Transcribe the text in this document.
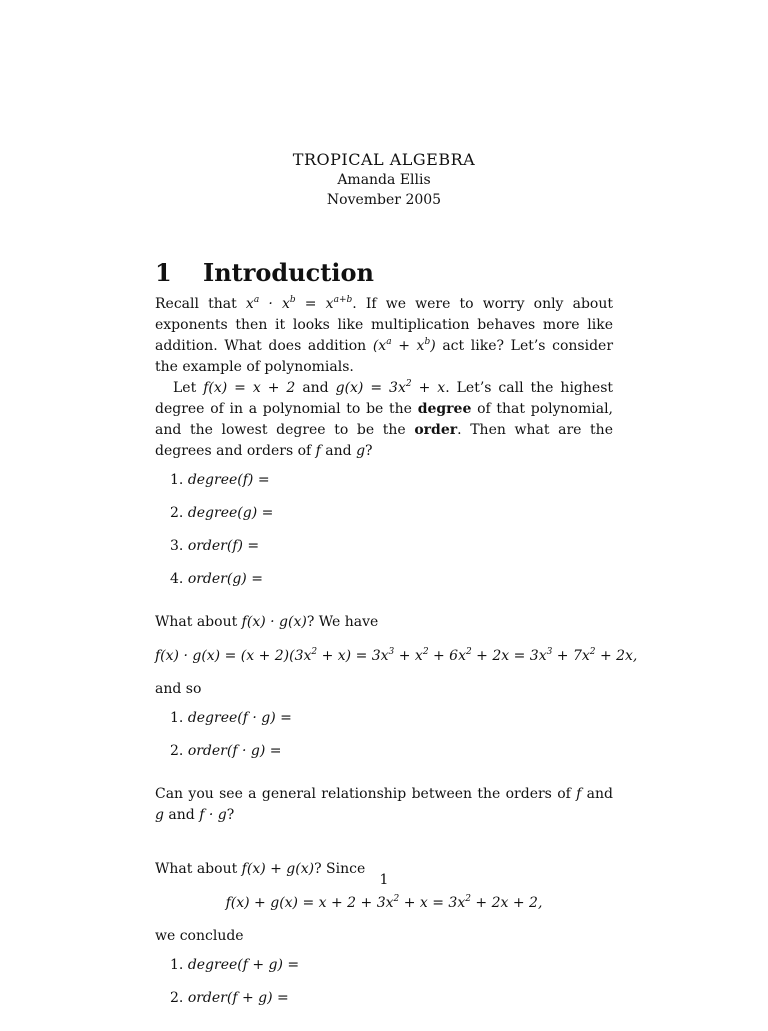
TROPICAL ALGEBRA
Amanda Ellis
November 2005
1 Introduction

Recall that $x^a \cdot x^b = x^{a+b}$. If we were to worry only about exponents then it looks like multiplication behaves more like addition. What does addition $(x^a + x^b)$ act like? Let’s consider the example of polynomials.

Let f(x) = x + 2 and $g(x) = 3x^2 + x$. Let’s call the highest degree of in a polynomial to be the degree of that polynomial, and the lowest degree to be the order. Then what are the degrees and orders of f and g?

1. degree(f) =
2. degree(g) =
3. order(f) =
4. order(g) =

What about f(x) · g(x)? We have

$f(x) \cdot g(x) = (x + 2)(3x^2 + x) = 3x^3 + x^2 + 6x^2 + 2x = 3x^3 + 7x^2 + 2x$,

and so

1. degree(f · g) =
2. order(f · g) =

Can you see a general relationship between the orders of f and g and f · g?

What about f(x) + g(x)? Since

$f(x) + g(x) = x + 2 + 3x^2 + x = 3x^2 + 2x + 2$,

we conclude

1. degree(f + g) =
2. order(f + g) =
1
